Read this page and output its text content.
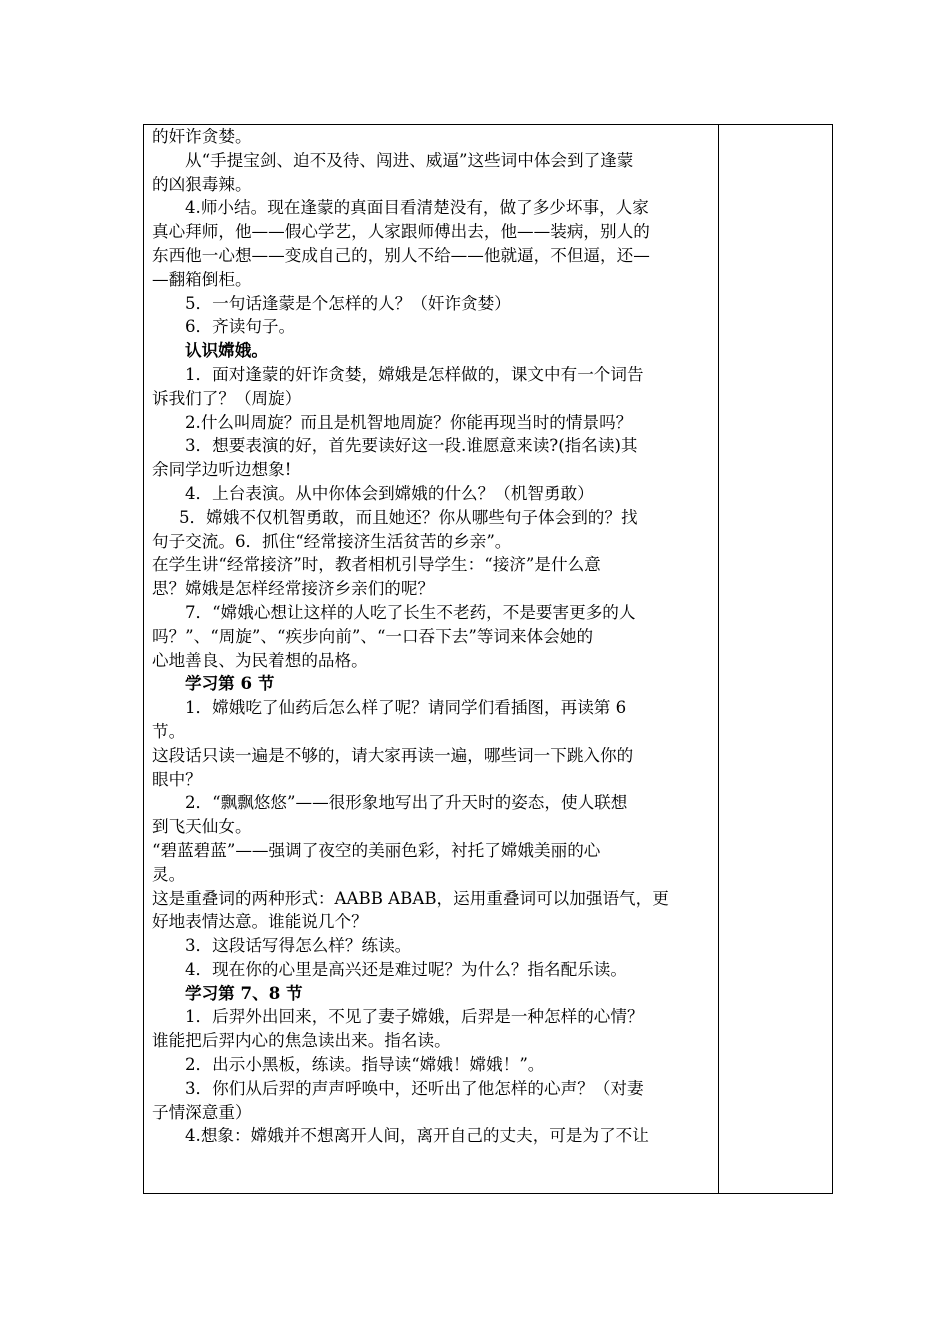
的奸诈贪婪。
从“手提宝剑、迫不及待、闯进、威逼”这些词中体会到了逢蒙
的凶狠毒辣。
4.师小结。现在逢蒙的真面目看清楚没有，做了多少坏事，人家
真心拜师，他——假心学艺，人家跟师傅出去，他——装病，别人的
东西他一心想——变成自己的，别人不给——他就逼，不但逼，还—
—翻箱倒柜。
5．一句话逢蒙是个怎样的人？（奸诈贪婪）
6．齐读句子。
认识嫦娥。
1．面对逢蒙的奸诈贪婪，嫦娥是怎样做的，课文中有一个词告
诉我们了？（周旋）
2.什么叫周旋？而且是机智地周旋？你能再现当时的情景吗？
3．想要表演的好，首先要读好这一段.谁愿意来读?(指名读)其
余同学边听边想象!
4．上台表演。从中你体会到嫦娥的什么？（机智勇敢）
5．嫦娥不仅机智勇敢，而且她还？你从哪些句子体会到的？找
句子交流。6．抓住“经常接济生活贫苦的乡亲”。
在学生讲“经常接济”时，教者相机引导学生：“接济”是什么意
思？嫦娥是怎样经常接济乡亲们的呢？
7．“嫦娥心想让这样的人吃了长生不老药，不是要害更多的人
吗？”、“周旋”、“疾步向前”、“一口吞下去”等词来体会她的
心地善良、为民着想的品格。
学习第 6 节
1．嫦娥吃了仙药后怎么样了呢？请同学们看插图，再读第 6
节。
这段话只读一遍是不够的，请大家再读一遍，哪些词一下跳入你的
眼中？
2．“飘飘悠悠”——很形象地写出了升天时的姿态，使人联想
到飞天仙女。
“碧蓝碧蓝”——强调了夜空的美丽色彩，衬托了嫦娥美丽的心
灵。
这是重叠词的两种形式：AABB ABAB，运用重叠词可以加强语气，更
好地表情达意。谁能说几个？
3．这段话写得怎么样？练读。
4．现在你的心里是高兴还是难过呢？为什么？指名配乐读。
学习第 7、8 节
1．后羿外出回来，不见了妻子嫦娥，后羿是一种怎样的心情？
谁能把后羿内心的焦急读出来。指名读。
2．出示小黑板，练读。指导读“嫦娥！嫦娥！”。
3．你们从后羿的声声呼唤中，还听出了他怎样的心声？（对妻
子情深意重）
4.想象：嫦娥并不想离开人间，离开自己的丈夫，可是为了不让
